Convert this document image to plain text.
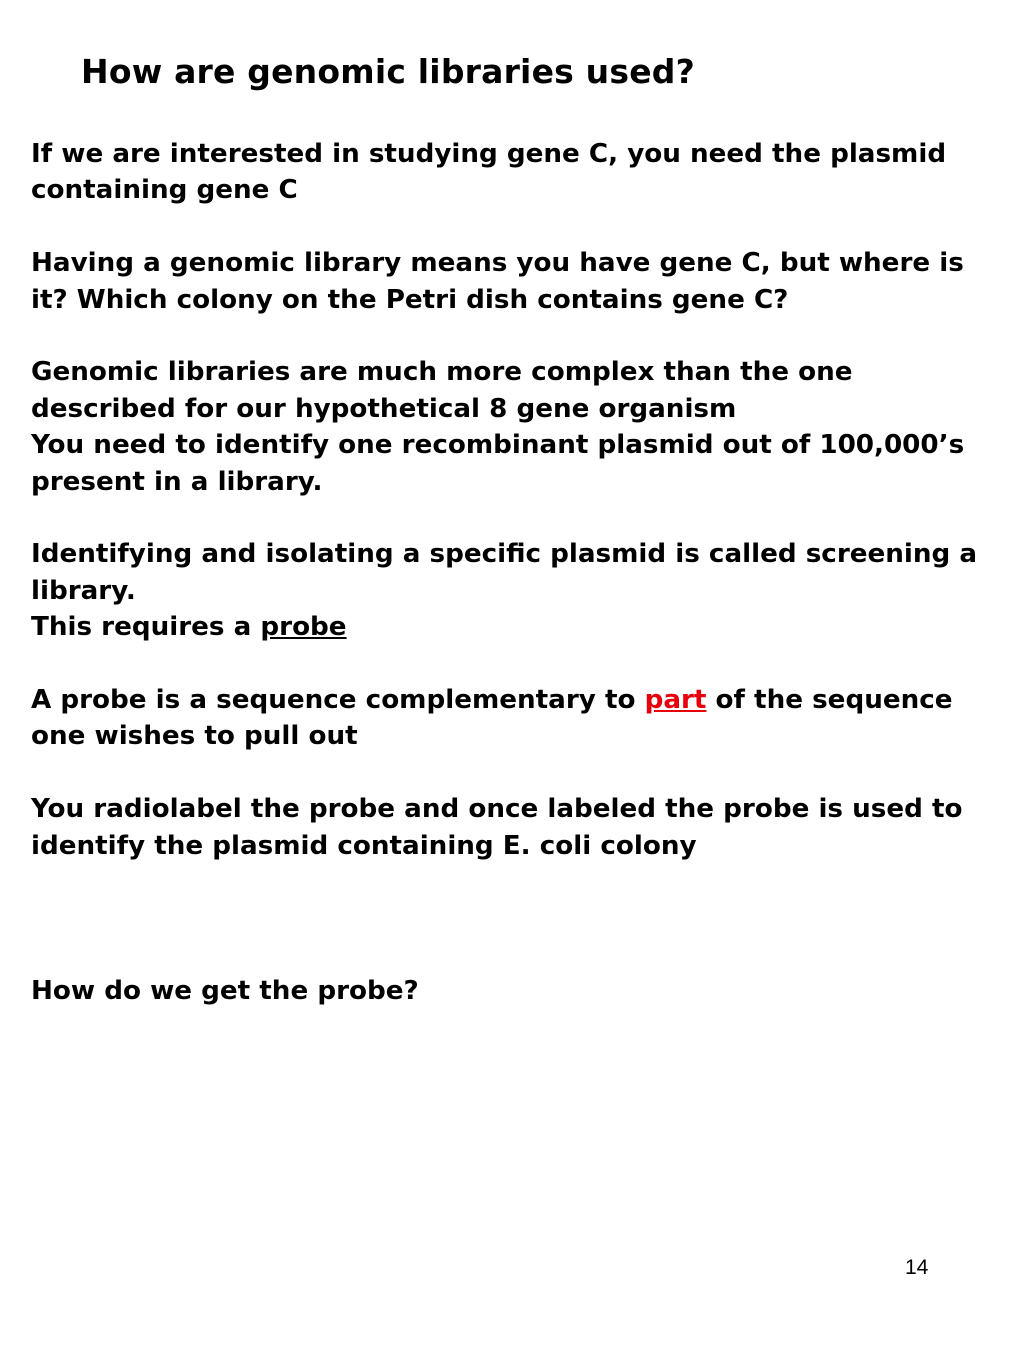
How are genomic libraries used?
If we are interested in studying gene C, you need the plasmid
containing gene C
Having a genomic library means you have gene C, but where is
it? Which colony on the Petri dish contains gene C?
Genomic libraries are much more complex than the one
described for our hypothetical 8 gene organism
You need to identify one recombinant plasmid out of 100,000’s
present in a library.
Identifying and isolating a specific plasmid is called screening a
library.
This requires a probe
A probe is a sequence complementary to part of the sequence
one wishes to pull out
You radiolabel the probe and once labeled the probe is used to
identify the plasmid containing E. coli colony
How do we get the probe?
14
